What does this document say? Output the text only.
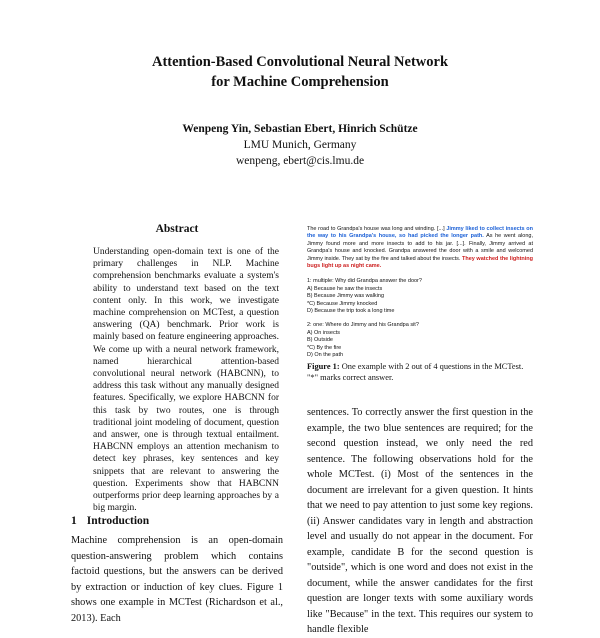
Attention-Based Convolutional Neural Network
for Machine Comprehension
Wenpeng Yin, Sebastian Ebert, Hinrich Schütze
LMU Munich, Germany
wenpeng, ebert@cis.lmu.de
Abstract

Understanding open-domain text is one of the primary challenges in NLP. Machine comprehension benchmarks evaluate a system's ability to understand text based on the text content only. In this work, we investigate machine comprehension on MCTest, a question answering (QA) benchmark. Prior work is mainly based on feature engineering approaches. We come up with a neural network framework, named hierarchical attention-based convolutional neural network (HABCNN), to address this task without any manually designed features. Specifically, we explore HABCNN for this task by two routes, one is through traditional joint modeling of document, question and answer, one is through textual entailment. HABCNN employs an attention mechanism to detect key phrases, key sentences and key snippets that are relevant to answering the question. Experiments show that HABCNN outperforms prior deep learning approaches by a big margin.

1 Introduction

Machine comprehension is an open-domain question-answering problem which contains factoid questions, but the answers can be derived by extraction or induction of key clues. Figure 1 shows one example in MCTest (Richardson et al., 2013). Each

The road to Grandpa's house was long and winding. [...] Jimmy liked to collect insects on the way to his Grandpa's house, so had picked the longer path. As he went along, Jimmy found more and more insects to add to his jar. [...]. Finally, Jimmy arrived at Grandpa's house and knocked. Grandpa answered the door with a smile and welcomed Jimmy inside. They sat by the fire and talked about the insects. They watched the lightning bugs light up as night came.

1: multiple: Why did Grandpa answer the door?
A) Because he saw the insects
B) Because Jimmy was walking
*C) Because Jimmy knocked
D) Because the trip took a long time
2: one: Where do Jimmy and his Grandpa sit?
A) On insects
B) Outside
*C) By the fire
D) On the path
Figure 1: One example with 2 out of 4 questions in the MCTest. "*" marks correct answer.

sentences. To correctly answer the first question in the example, the two blue sentences are required; for the second question instead, we only need the red sentence. The following observations hold for the whole MCTest. (i) Most of the sentences in the document are irrelevant for a given question. It hints that we need to pay attention to just some key regions. (ii) Answer candidates vary in length and abstraction level and usually do not appear in the document. For example, candidate B for the second question is "outside", which is one word and does not exist in the document, while the answer candidates for the first question are longer texts with some auxiliary words like "Because" in the text. This requires our system to handle flexible
